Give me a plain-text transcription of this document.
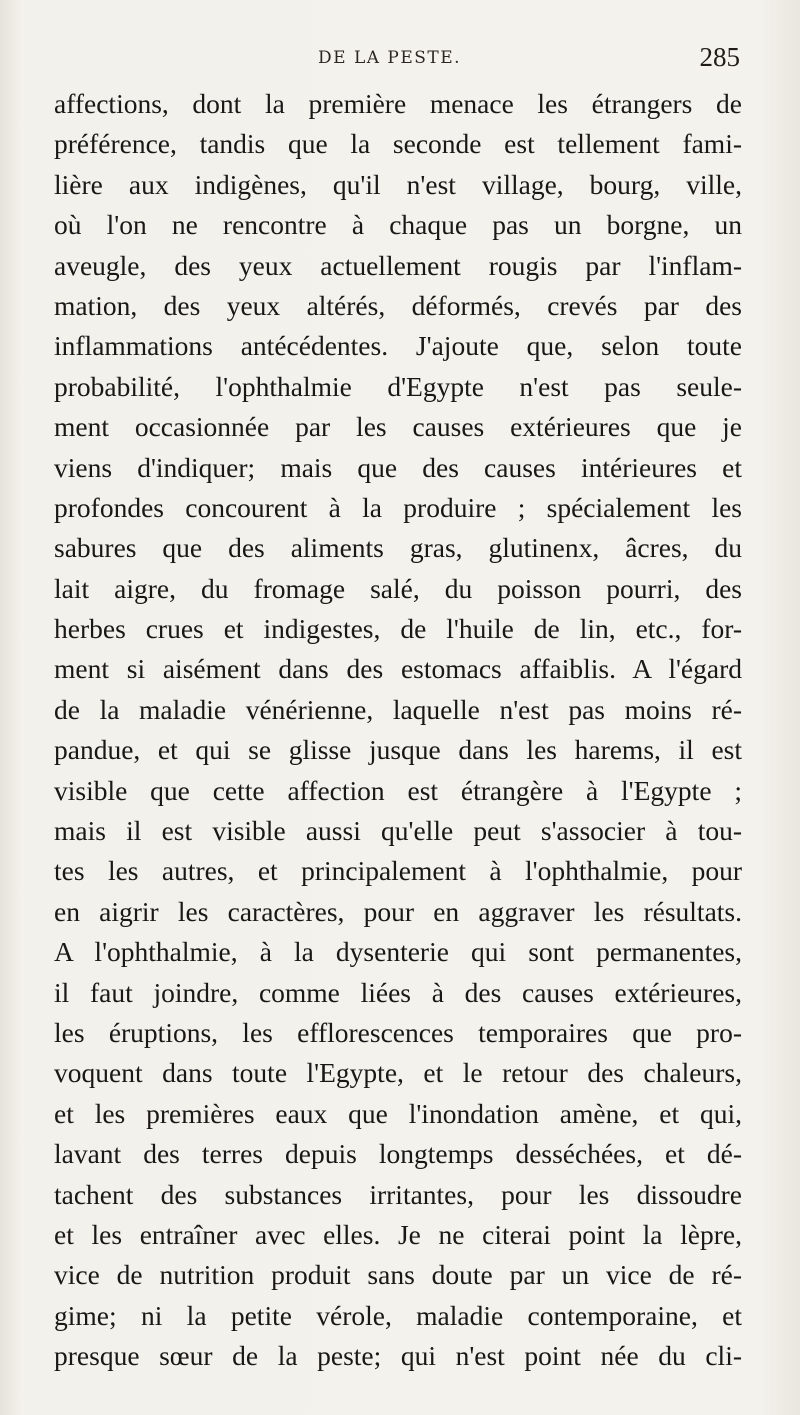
DE LA PESTE.	285
affections, dont la première menace les étrangers de
préférence, tandis que la seconde est tellement fami-
lière aux indigènes, qu'il n'est village, bourg, ville,
où l'on ne rencontre à chaque pas un borgne, un
aveugle, des yeux actuellement rougis par l'inflam-
mation, des yeux altérés, déformés, crevés par des
inflammations antécédentes. J'ajoute que, selon toute
probabilité, l'ophthalmie d'Egypte n'est pas seule-
ment occasionnée par les causes extérieures que je
viens d'indiquer; mais que des causes intérieures et
profondes concourent à la produire ; spécialement les
sabures que des aliments gras, glutinenx, âcres, du
lait aigre, du fromage salé, du poisson pourri, des
herbes crues et indigestes, de l'huile de lin, etc., for-
ment si aisément dans des estomacs affaiblis. A l'égard
de la maladie vénérienne, laquelle n'est pas moins ré-
pandue, et qui se glisse jusque dans les harems, il est
visible que cette affection est étrangère à l'Egypte ;
mais il est visible aussi qu'elle peut s'associer à tou-
tes les autres, et principalement à l'ophthalmie, pour
en aigrir les caractères, pour en aggraver les résultats.
A l'ophthalmie, à la dysenterie qui sont permanentes,
il faut joindre, comme liées à des causes extérieures,
les éruptions, les efflorescences temporaires que pro-
voquent dans toute l'Egypte, et le retour des chaleurs,
et les premières eaux que l'inondation amène, et qui,
lavant des terres depuis longtemps desséchées, et dé-
tachent des substances irritantes, pour les dissoudre
et les entraîner avec elles. Je ne citerai point la lèpre,
vice de nutrition produit sans doute par un vice de ré-
gime; ni la petite vérole, maladie contemporaine, et
presque sœur de la peste; qui n'est point née du cli-
